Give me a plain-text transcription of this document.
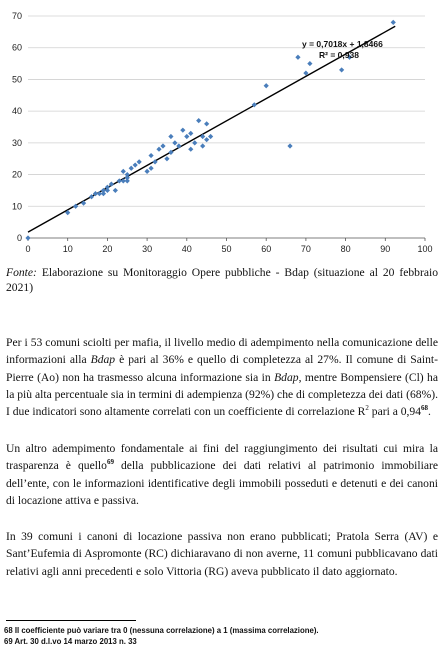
0
10
20
30
40
50
60
70
0	10	20	30	40	50	60	70	80	90	100
y = 0,7018x + 1,8466
R² = 0,938
Fonte: Elaborazione su Monitoraggio Opere pubbliche - Bdap (situazione al 20 febbraio 2021)

Per i 53 comuni sciolti per mafia, il livello medio di adempimento nella comunicazione delle informazioni alla Bdap è pari al 36% e quello di completezza al 27%. Il comune di Saint-Pierre (Ao) non ha trasmesso alcuna informazione sia in Bdap, mentre Bompensiere (Cl) ha la più alta percentuale sia in termini di adempienza (92%) che di completezza dei dati (68%). I due indicatori sono altamente correlati con un coefficiente di correlazione $R^2$ pari a 0,94$^{68}$.

Un altro adempimento fondamentale ai fini del raggiungimento dei risultati cui mira la trasparenza è quello$^{69}$ della pubblicazione dei dati relativi al patrimonio immobiliare dell’ente, con le informazioni identificative degli immobili posseduti e detenuti e dei canoni di locazione attiva e passiva.

In 39 comuni i canoni di locazione passiva non erano pubblicati; Pratola Serra (AV) e Sant’Eufemia di Aspromonte (RC) dichiaravano di non averne, 11 comuni pubblicavano dati relativi agli anni precedenti e solo Vittoria (RG) aveva pubblicato il dato aggiornato.

68 Il coefficiente può variare tra 0 (nessuna correlazione) a 1 (massima correlazione).
69 Art. 30 d.l.vo 14 marzo 2013 n. 33
